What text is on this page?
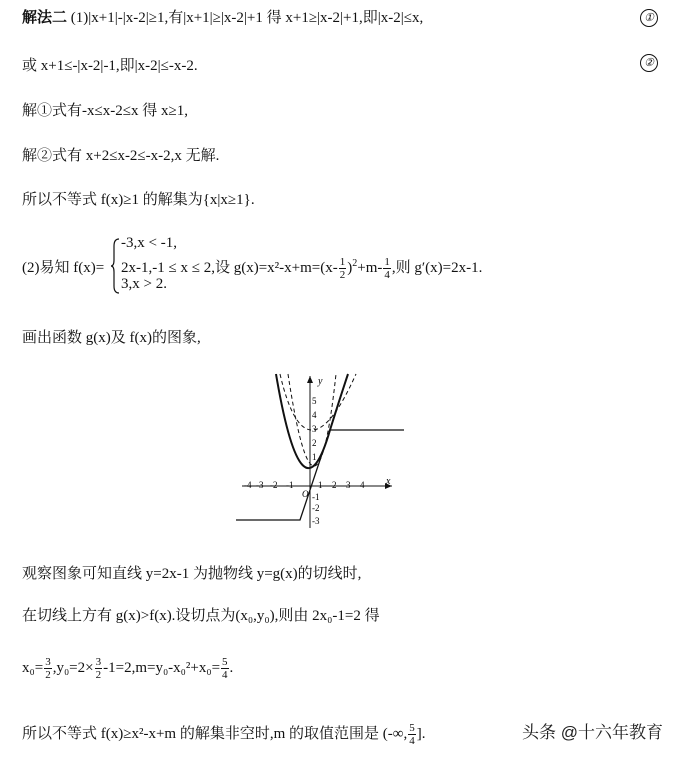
解法二 (1)|x+1|-|x-2|≥1,有|x+1|≥|x-2|+1 得 x+1≥|x-2|+1,即|x-2|≤x,	①
或 x+1≤-|x-2|-1,即|x-2|≤-x-2.	②
解①式有-x≤x-2≤x 得 x≥1,
解②式有 x+2≤x-2≤-x-2,x 无解.
所以不等式 f(x)≥1 的解集为{x|x≥1}.
(2)易知 f(x)=
-3,x < -1,
2x-1,-1 ≤ x ≤ 2,设 $g(x)=x^2-x+m=(x- \frac{1}{2} )^2+m- \frac{1}{4}$ ,则 g′(x)=2x-1.
3,x > 2.
画出函数 g(x)及 f(x)的图象,
y
x
O
-4 -3 -2 -1	1 2 3 4
5
4
3
2
1
-1
-2
-3
观察图象可知直线 y=2x-1 为抛物线 y=g(x)的切线时,
在切线上方有 g(x)>f(x).设切点为(x₀,y₀),则由 2x₀-1=2 得
$x_0= \frac{3}{2} ,y_0=2\times \frac{3}{2} -1=2,m=y_0-x_0^2+x_0= \frac{5}{4}$ .
所以不等式 f(x)≥x²-x+m 的解集非空时,m 的取值范围是 (-∞, $\frac{5}{4}$ ].	头条 @十六年教育
